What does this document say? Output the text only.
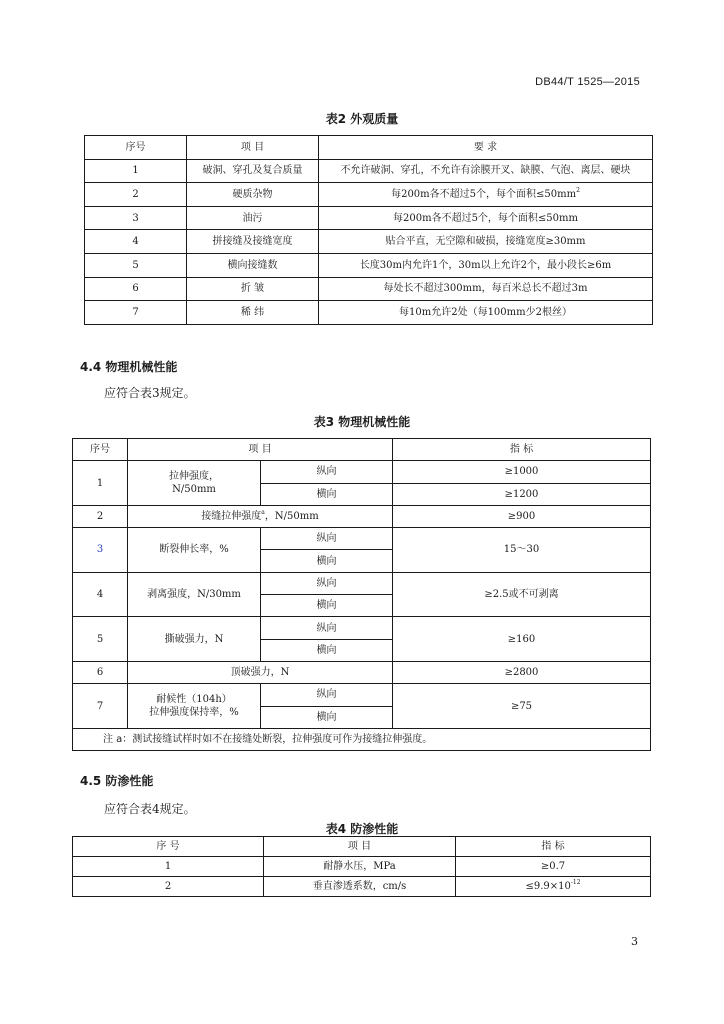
DB44/T 1525—2015
表2 外观质量
序号	项 目	要 求
1	破洞、穿孔及复合质量	不允许破洞、穿孔，不允许有涂膜开叉、缺膜、气泡、离层、硬块
2	硬质杂物	每200m各不超过5个，每个面积$\le 50mm^2$
3	油污	每200m各不超过5个，每个面积≤50mm
4	拼接缝及接缝宽度	贴合平直，无空隙和破损，接缝宽度≥30mm
5	横向接缝数	长度30m内允许1个，30m以上允许2个，最小段长≥6m
6	折 皱	每处长不超过300mm，每百米总长不超过3m
7	稀 纬	每10m允许2处（每100mm少2根丝）
4.4 物理机械性能
应符合表3规定。
表3 物理机械性能
序号	项 目		指 标
1	拉伸强度，
N/50mm	纵向	≥1000
		横向	≥1200
2	接缝拉伸强度$^a$，N/50mm		≥900
3	断裂伸长率，%	纵向	15～30
		横向	
4	剥离强度，N/30mm	纵向	≥2.5或不可剥离
		横向	
5	撕破强力，N	纵向	≥160
		横向	
6	顶破强力，N		≥2800
7	耐候性（104h）
拉伸强度保持率，%	纵向	≥75
		横向	
注 a：测试接缝试样时如不在接缝处断裂，拉伸强度可作为接缝拉伸强度。			
4.5 防渗性能
应符合表4规定。
表4 防渗性能
序 号	项 目	指 标
1	耐静水压，MPa	≥0.7
2	垂直渗透系数，cm/s	$\le 9.9\times 10^{-12}$
3
